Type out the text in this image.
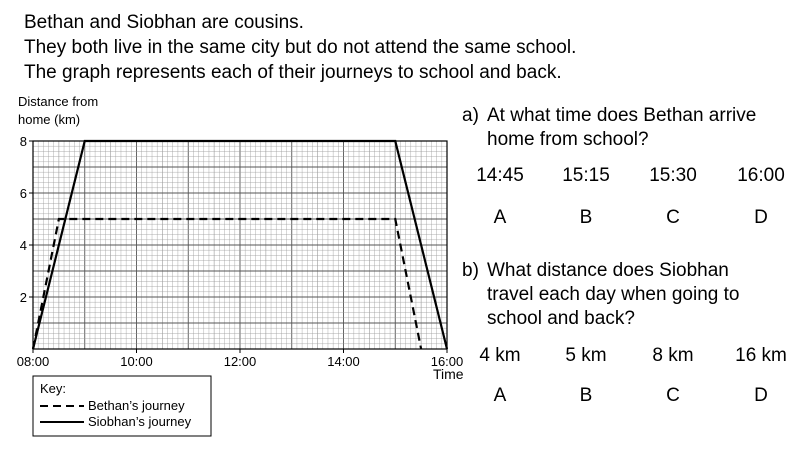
Bethan and Siobhan are cousins.
They both live in the same city but do not attend the same school.
The graph represents each of their journeys to school and back.
08:00	10:00	12:00	14:00	16:00
2
4
6
8
Distance from
home (km)
Time
Key:
Bethan’s journey
Siobhan’s journey
a) At what time does Bethan arrive
home from school?
14:45	15:15	15:30	16:00
A	B	C	D
b) What distance does Siobhan
travel each day when going to
school and back?
4 km	5 km	8 km	16 km
A	B	C	D
